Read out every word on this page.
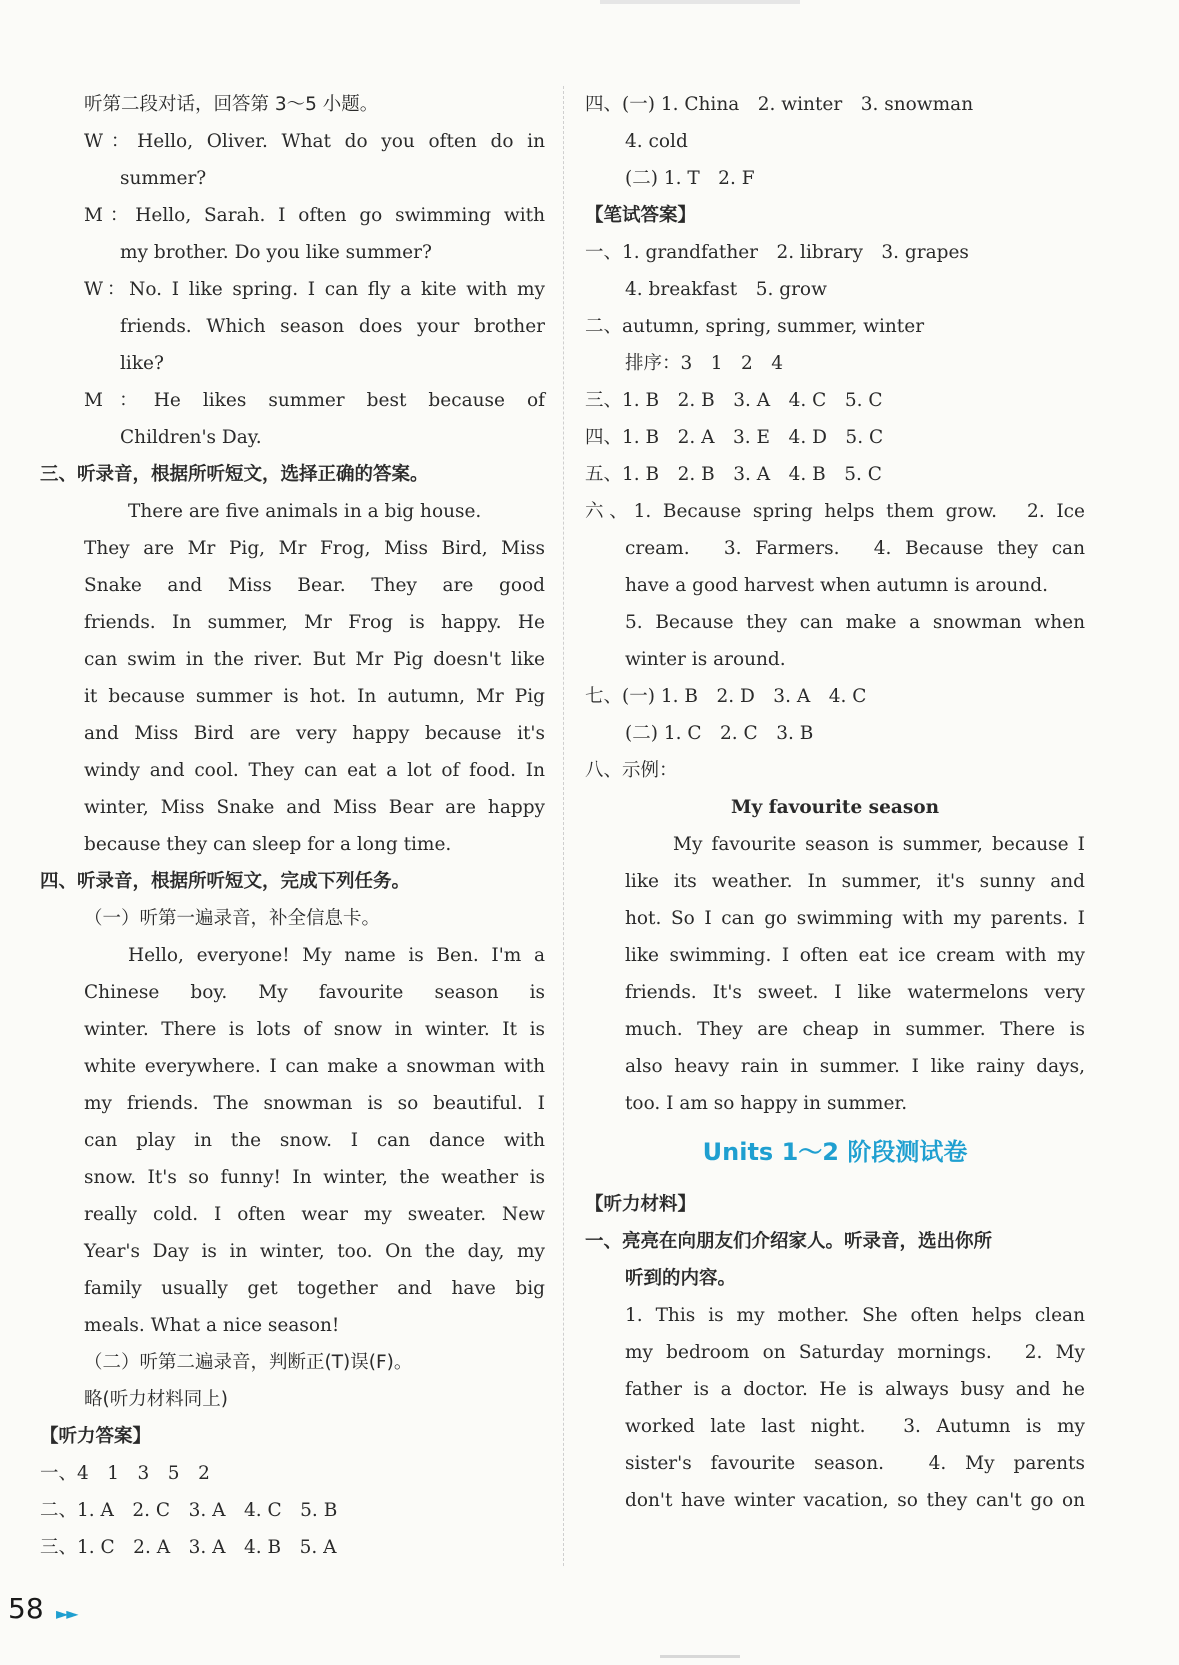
听第二段对话，回答第 3～5 小题。

W：Hello, Oliver. What do you often do in

summer?

M：Hello, Sarah. I often go swimming with

my brother. Do you like summer?

W：No. I like spring. I can fly a kite with my

friends. Which season does your brother

like?

M：He likes summer best because of

Children's Day.

三、听录音，根据所听短文，选择正确的答案。

There are five animals in a big house.

They are Mr Pig, Mr Frog, Miss Bird, Miss

Snake and Miss Bear. They are good

friends. In summer, Mr Frog is happy. He

can swim in the river. But Mr Pig doesn't like

it because summer is hot. In autumn, Mr Pig

and Miss Bird are very happy because it's

windy and cool. They can eat a lot of food. In

winter, Miss Snake and Miss Bear are happy

because they can sleep for a long time.

四、听录音，根据所听短文，完成下列任务。

（一）听第一遍录音，补全信息卡。

Hello, everyone! My name is Ben. I'm a

Chinese boy. My favourite season is

winter. There is lots of snow in winter. It is

white everywhere. I can make a snowman with

my friends. The snowman is so beautiful. I

can play in the snow. I can dance with

snow. It's so funny! In winter, the weather is

really cold. I often wear my sweater. New

Year's Day is in winter, too. On the day, my

family usually get together and have big

meals. What a nice season!

（二）听第二遍录音，判断正(T)误(F)。

略(听力材料同上)

【听力答案】

一、4　1　3　5　2

二、1. A　2. C　3. A　4. C　5. B

三、1. C　2. A　3. A　4. B　5. A

四、(一) 1. China　2. winter　3. snowman

4. cold

(二) 1. T　2. F

【笔试答案】

一、1. grandfather　2. library　3. grapes

4. breakfast　5. grow

二、autumn, spring, summer, winter

排序：3　1　2　4

三、1. B　2. B　3. A　4. C　5. C

四、1. B　2. A　3. E　4. D　5. C

五、1. B　2. B　3. A　4. B　5. C

六、1. Because spring helps them grow.　2. Ice

cream.　3. Farmers.　4. Because they can

have a good harvest when autumn is around.

5. Because they can make a snowman when

winter is around.

七、(一) 1. B　2. D　3. A　4. C

(二) 1. C　2. C　3. B

八、示例：

My favourite season

My favourite season is summer, because I

like its weather. In summer, it's sunny and

hot. So I can go swimming with my parents. I

like swimming. I often eat ice cream with my

friends. It's sweet. I like watermelons very

much. They are cheap in summer. There is

also heavy rain in summer. I like rainy days,

too. I am so happy in summer.

Units 1～2 阶段测试卷

【听力材料】

一、亮亮在向朋友们介绍家人。听录音，选出你所

听到的内容。

1. This is my mother. She often helps clean

my bedroom on Saturday mornings.　2. My

father is a doctor. He is always busy and he

worked late last night.　3. Autumn is my

sister's favourite season.　4. My parents

don't have winter vacation, so they can't go on

58 ►►
